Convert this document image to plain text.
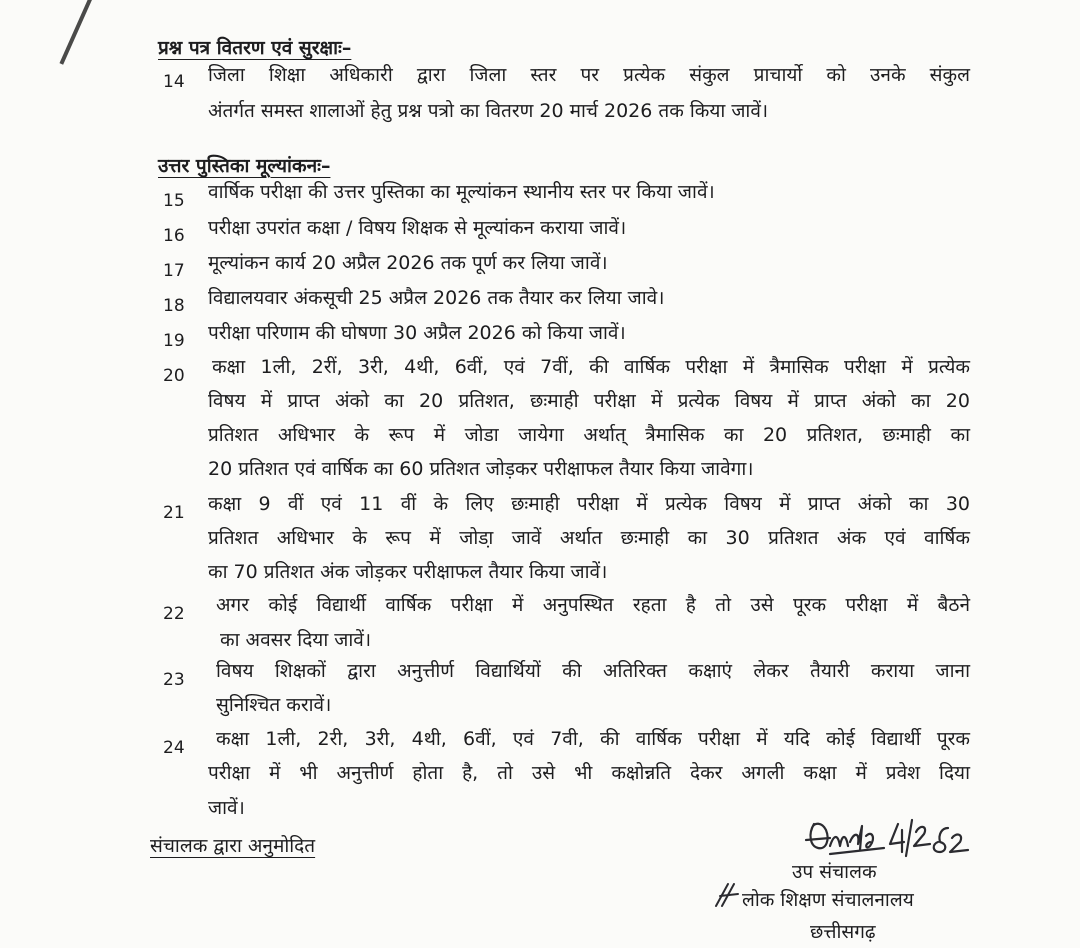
प्रश्न पत्र वितरण एवं सुरक्षाः–
14	जिला शिक्षा अधिकारी द्वारा जिला स्तर पर प्रत्येक संकुल प्राचार्यो को उनके संकुल
अंतर्गत समस्त शालाओं हेतु प्रश्न पत्रो का वितरण 20 मार्च 2026 तक किया जावें।
उत्तर पुस्तिका मूल्यांकनः–
15	वार्षिक परीक्षा की उत्तर पुस्तिका का मूल्यांकन स्थानीय स्तर पर किया जावें।
16	परीक्षा उपरांत कक्षा / विषय शिक्षक से मूल्यांकन कराया जावें।
17	मूल्यांकन कार्य 20 अप्रैल 2026 तक पूर्ण कर लिया जावें।
18	विद्यालयवार अंकसूची 25 अप्रैल 2026 तक तैयार कर लिया जावे।
19	परीक्षा परिणाम की घोषणा 30 अप्रैल 2026 को किया जावें।
20	कक्षा 1ली, 2रीं, 3री, 4थी, 6वीं, एवं 7वीं, की वार्षिक परीक्षा में त्रैमासिक परीक्षा में प्रत्येक
विषय में प्राप्त अंको का 20 प्रतिशत, छःमाही परीक्षा में प्रत्येक विषय में प्राप्त अंको का 20
प्रतिशत अधिभार के रूप में जोडा जायेगा अर्थात् त्रैमासिक का 20 प्रतिशत, छःमाही का
20 प्रतिशत एवं वार्षिक का 60 प्रतिशत जोड़कर परीक्षाफल तैयार किया जावेगा।
21	कक्षा 9 वीं एवं 11 वीं के लिए छःमाही परीक्षा में प्रत्येक विषय में प्राप्त अंको का 30
प्रतिशत अधिभार के रूप में जोडा़ जावें अर्थात छःमाही का 30 प्रतिशत अंक एवं वार्षिक
का 70 प्रतिशत अंक जोड़कर परीक्षाफल तैयार किया जावें।
22	अगर कोई विद्यार्थी वार्षिक परीक्षा में अनुपस्थित रहता है तो उसे पूरक परीक्षा में बैठने
का अवसर दिया जावें।
23	विषय शिक्षकों द्वारा अनुत्तीर्ण विद्यार्थियों की अतिरिक्त कक्षाएं लेकर तैयारी कराया जाना
सुनिश्चित करावें।
24	कक्षा 1ली, 2री, 3री, 4थी, 6वीं, एवं 7वी, की वार्षिक परीक्षा में यदि कोई विद्यार्थी पूरक
परीक्षा में भी अनुत्तीर्ण होता है, तो उसे भी कक्षोन्नति देकर अगली कक्षा में प्रवेश दिया
जावें।
संचालक द्वारा अनुमोदित
उप संचालक
लोक शिक्षण संचालनालय
छत्तीसगढ़
